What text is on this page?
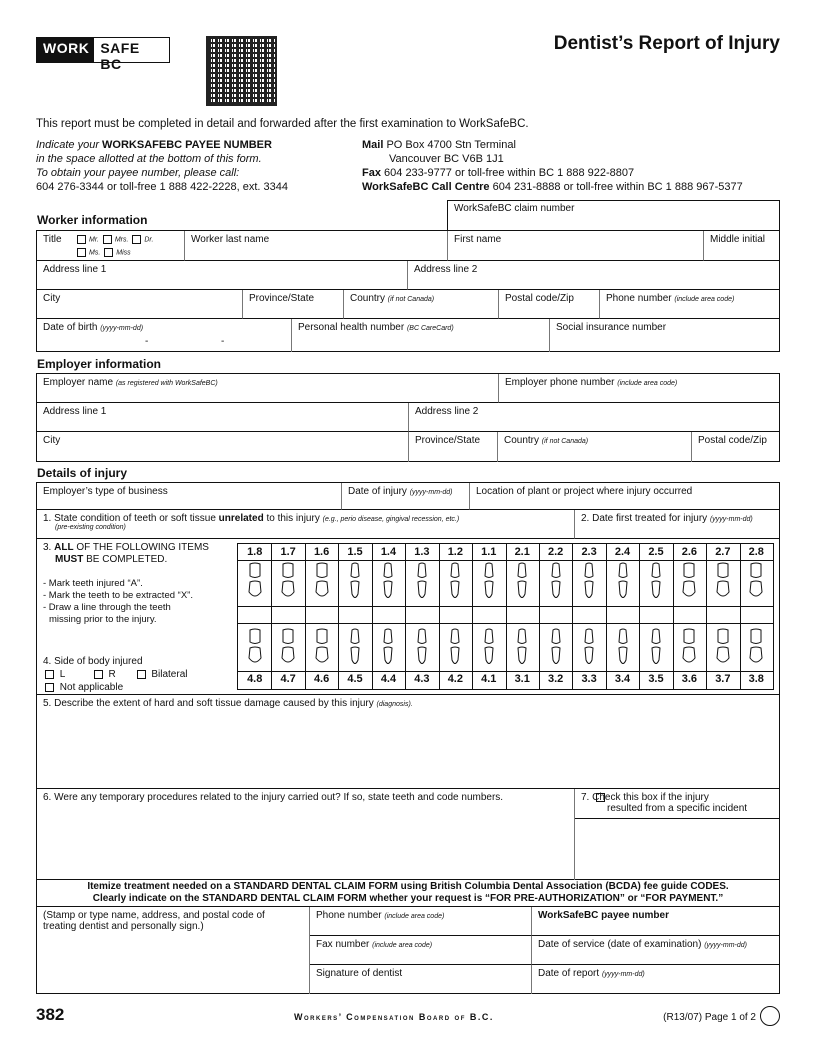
WORK SAFE BC
Dentist’s Report of Injury
This report must be completed in detail and forwarded after the first examination to WorkSafeBC.
Indicate your WORKSAFEBC PAYEE NUMBER
in the space allotted at the bottom of this form.
To obtain your payee number, please call:
604 276-3344 or toll-free 1 888 422-2228, ext. 3344
Mail PO Box 4700 Stn Terminal
Vancouver BC V6B 1J1
Fax 604 233-9777 or toll-free within BC 1 888 922-8807
WorkSafeBC Call Centre 604 231-8888 or toll-free within BC 1 888 967-5377
WorkSafeBC claim number
Worker information
Title	Mr. Mrs. Dr.
Ms. Miss
Worker last name	First name	Middle initial
Address line 1	Address line 2
City	Province/State	Country (if not Canada)	Postal code/Zip	Phone number (include area code)
Date of birth (yyyy-mm-dd)
-	-
Personal health number (BC CareCard)	Social insurance number
Employer information
Employer name (as registered with WorkSafeBC)	Employer phone number (include area code)
Address line 1	Address line 2
City	Province/State	Country (if not Canada)	Postal code/Zip
Details of injury
Employer’s type of business	Date of injury (yyyy-mm-dd)	Location of plant or project where injury occurred
1. State condition of teeth or soft tissue unrelated to this injury (e.g., perio disease, gingival recession, etc.)
(pre-existing condition)
2. Date first treated for injury (yyyy-mm-dd)
3. ALL OF THE FOLLOWING ITEMS
MUST BE COMPLETED.

- Mark teeth injured “A”.
- Mark the teeth to be extracted “X”.
- Draw a line through the teeth
missing prior to the injury.
4. Side of body injured
L	R	Bilateral
Not applicable
1.8	1.7	1.6	1.5	1.4	1.3	1.2	1.1	2.1	2.2	2.3	2.4	2.5	2.6	2.7	2.8
4.8	4.7	4.6	4.5	4.4	4.3	4.2	4.1	3.1	3.2	3.3	3.4	3.5	3.6	3.7	3.8
5. Describe the extent of hard and soft tissue damage caused by this injury (diagnosis).
6. Were any temporary procedures related to the injury carried out? If so, state teeth and code numbers.	7. Check this box if the injury
resulted from a specific incident
Itemize treatment needed on a STANDARD DENTAL CLAIM FORM using British Columbia Dental Association (BCDA) fee guide CODES.
Clearly indicate on the STANDARD DENTAL CLAIM FORM whether your request is “FOR PRE-AUTHORIZATION” or “FOR PAYMENT.”
(Stamp or type name, address, and postal code of
treating dentist and personally sign.)
Phone number (include area code)	WorkSafeBC payee number
Fax number (include area code)	Date of service (date of examination) (yyyy-mm-dd)
Signature of dentist	Date of report (yyyy-mm-dd)
382	Workers’ Compensation Board of B.C.	(R13/07) Page 1 of 2
